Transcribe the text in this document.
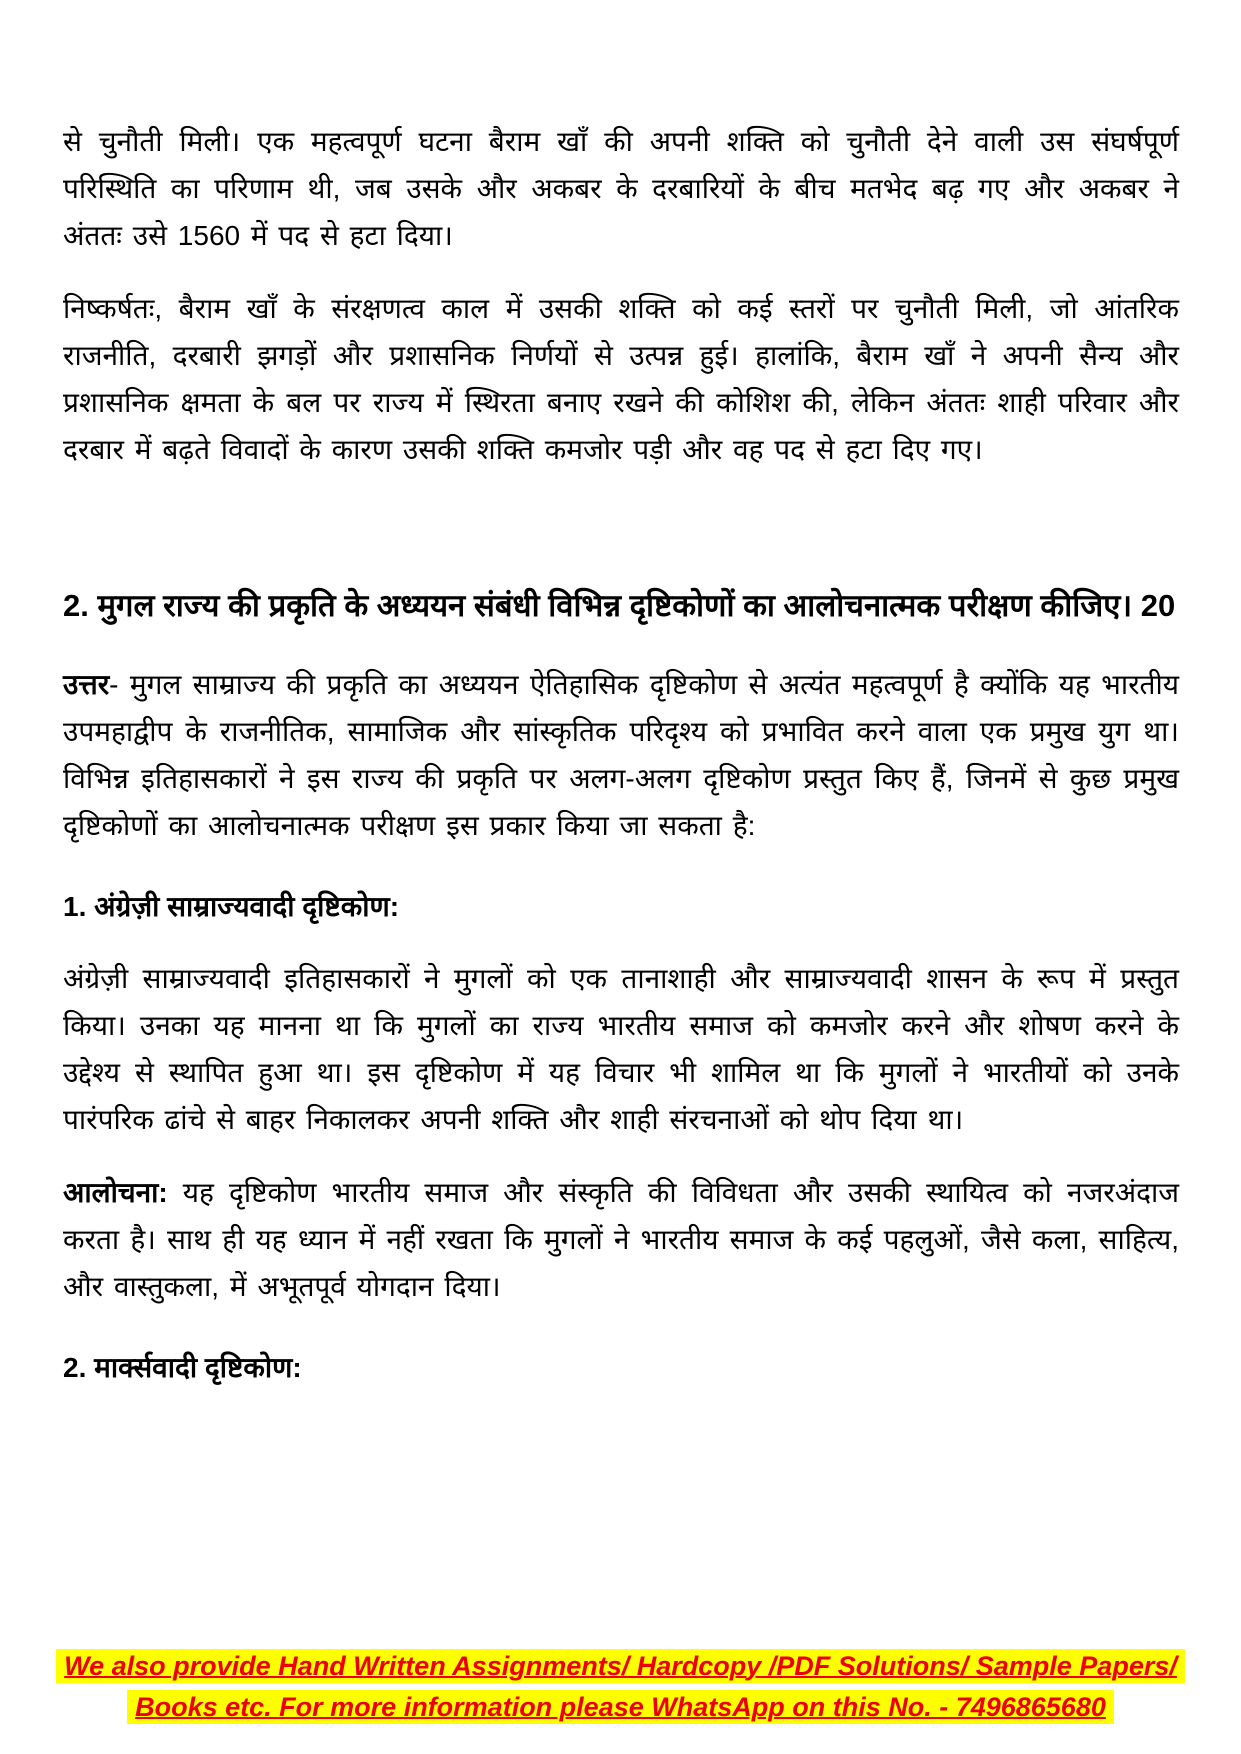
से चुनौती मिली। एक महत्वपूर्ण घटना बैराम खाँ की अपनी शक्ति को चुनौती देने वाली उस संघर्षपूर्ण परिस्थिति का परिणाम थी, जब उसके और अकबर के दरबारियों के बीच मतभेद बढ़ गए और अकबर ने अंततः उसे 1560 में पद से हटा दिया।

निष्कर्षतः, बैराम खाँ के संरक्षणत्व काल में उसकी शक्ति को कई स्तरों पर चुनौती मिली, जो आंतरिक राजनीति, दरबारी झगड़ों और प्रशासनिक निर्णयों से उत्पन्न हुई। हालांकि, बैराम खाँ ने अपनी सैन्य और प्रशासनिक क्षमता के बल पर राज्य में स्थिरता बनाए रखने की कोशिश की, लेकिन अंततः शाही परिवार और दरबार में बढ़ते विवादों के कारण उसकी शक्ति कमजोर पड़ी और वह पद से हटा दिए गए।

2. मुगल राज्य की प्रकृति के अध्ययन संबंधी विभिन्न दृष्टिकोणों का आलोचनात्मक परीक्षण कीजिए। 20

उत्तर- मुगल साम्राज्य की प्रकृति का अध्ययन ऐतिहासिक दृष्टिकोण से अत्यंत महत्वपूर्ण है क्योंकि यह भारतीय उपमहाद्वीप के राजनीतिक, सामाजिक और सांस्कृतिक परिदृश्य को प्रभावित करने वाला एक प्रमुख युग था। विभिन्न इतिहासकारों ने इस राज्य की प्रकृति पर अलग-अलग दृष्टिकोण प्रस्तुत किए हैं, जिनमें से कुछ प्रमुख दृष्टिकोणों का आलोचनात्मक परीक्षण इस प्रकार किया जा सकता है:

1. अंग्रेज़ी साम्राज्यवादी दृष्टिकोण:

अंग्रेज़ी साम्राज्यवादी इतिहासकारों ने मुगलों को एक तानाशाही और साम्राज्यवादी शासन के रूप में प्रस्तुत किया। उनका यह मानना था कि मुगलों का राज्य भारतीय समाज को कमजोर करने और शोषण करने के उद्देश्य से स्थापित हुआ था। इस दृष्टिकोण में यह विचार भी शामिल था कि मुगलों ने भारतीयों को उनके पारंपरिक ढांचे से बाहर निकालकर अपनी शक्ति और शाही संरचनाओं को थोप दिया था।

आलोचना: यह दृष्टिकोण भारतीय समाज और संस्कृति की विविधता और उसकी स्थायित्व को नजरअंदाज करता है। साथ ही यह ध्यान में नहीं रखता कि मुगलों ने भारतीय समाज के कई पहलुओं, जैसे कला, साहित्य, और वास्तुकला, में अभूतपूर्व योगदान दिया।

2. मार्क्सवादी दृष्टिकोण:
We also provide Hand Written Assignments/ Hardcopy /PDF Solutions/ Sample Papers/
Books etc. For more information please WhatsApp on this No. - 7496865680
